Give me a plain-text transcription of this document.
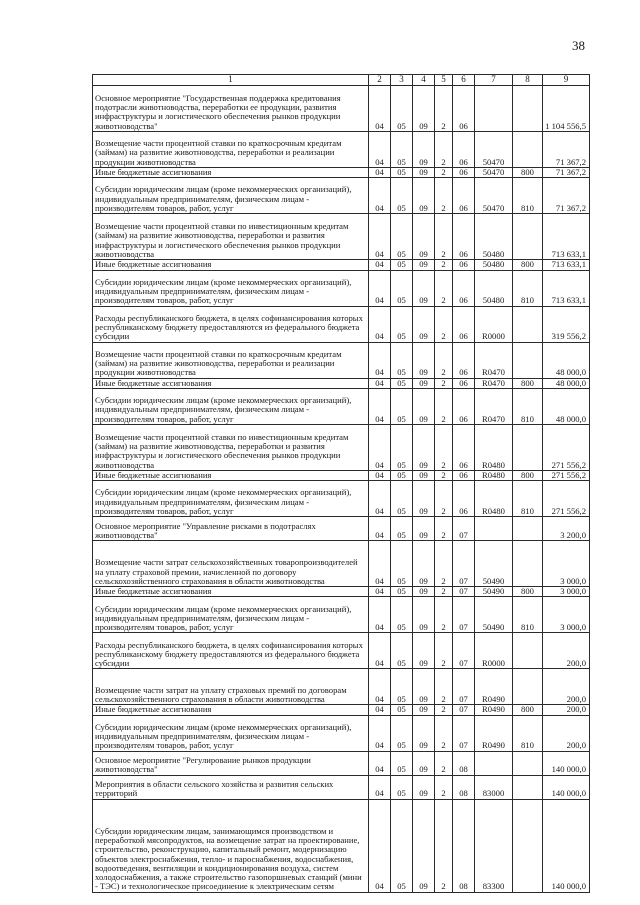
38
1	2	3	4	5	6	7	8	9
Основное мероприятие "Государственная поддержка кредитования подотрасли животноводства, переработки ее продукции, развития инфраструктуры и логистического обеспечения рынков продукции животноводства"	04	05	09	2	06			1 104 556,5
Возмещение части процентной ставки по краткосрочным кредитам (займам) на развитие животноводства, переработки и реализации продукции животноводства	04	05	09	2	06	50470		71 367,2
Иные бюджетные ассигнования	04	05	09	2	06	50470	800	71 367,2
Субсидии юридическим лицам (кроме некоммерческих организаций), индивидуальным предпринимателям, физическим лицам - производителям товаров, работ, услуг	04	05	09	2	06	50470	810	71 367,2
Возмещение части процентной ставки по инвестиционным кредитам (займам) на развитие животноводства, переработки и развития инфраструктуры и логистического обеспечения рынков продукции животноводства	04	05	09	2	06	50480		713 633,1
Иные бюджетные ассигнования	04	05	09	2	06	50480	800	713 633,1
Субсидии юридическим лицам (кроме некоммерческих организаций), индивидуальным предпринимателям, физическим лицам - производителям товаров, работ, услуг	04	05	09	2	06	50480	810	713 633,1
Расходы республиканского бюджета, в целях софинансирования которых республиканскому бюджету предоставляются из федерального бюджета субсидии	04	05	09	2	06	R0000		319 556,2
Возмещение части процентной ставки по краткосрочным кредитам (займам) на развитие животноводства, переработки и реализации продукции животноводства	04	05	09	2	06	R0470		48 000,0
Иные бюджетные ассигнования	04	05	09	2	06	R0470	800	48 000,0
Субсидии юридическим лицам (кроме некоммерческих организаций), индивидуальным предпринимателям, физическим лицам - производителям товаров, работ, услуг	04	05	09	2	06	R0470	810	48 000,0
Возмещение части процентной ставки по инвестиционным кредитам (займам) на развитие животноводства, переработки и развития инфраструктуры и логистического обеспечения рынков продукции животноводства	04	05	09	2	06	R0480		271 556,2
Иные бюджетные ассигнования	04	05	09	2	06	R0480	800	271 556,2
Субсидии юридическим лицам (кроме некоммерческих организаций), индивидуальным предпринимателям, физическим лицам - производителям товаров, работ, услуг	04	05	09	2	06	R0480	810	271 556,2
Основное мероприятие "Управление рисками в подотраслях животноводства"	04	05	09	2	07			3 200,0
Возмещение части затрат сельскохозяйственных товаропроизводителей на уплату страховой премии, начисленной по договору сельскохозяйственного страхования в области животноводства	04	05	09	2	07	50490		3 000,0
Иные бюджетные ассигнования	04	05	09	2	07	50490	800	3 000,0
Субсидии юридическим лицам (кроме некоммерческих организаций), индивидуальным предпринимателям, физическим лицам - производителям товаров, работ, услуг	04	05	09	2	07	50490	810	3 000,0
Расходы республиканского бюджета, в целях софинансирования которых республиканскому бюджету предоставляются из федерального бюджета субсидии	04	05	09	2	07	R0000		200,0
Возмещение части затрат на уплату страховых премий по договорам сельскохозяйственного страхования в области животноводства	04	05	09	2	07	R0490		200,0
Иные бюджетные ассигнования	04	05	09	2	07	R0490	800	200,0
Субсидии юридическим лицам (кроме некоммерческих организаций), индивидуальным предпринимателям, физическим лицам - производителям товаров, работ, услуг	04	05	09	2	07	R0490	810	200,0
Основное мероприятие "Регулирование рынков продукции животноводства"	04	05	09	2	08			140 000,0
Мероприятия в области сельского хозяйства и развития сельских территорий	04	05	09	2	08	83000		140 000,0
Субсидии юридическим лицам, занимающимся производством и переработкой мясопродуктов, на возмещение затрат на проектирование, строительство, реконструкцию, капитальный ремонт, модернизацию объектов электроснабжения, тепло- и пароснабжения, водоснабжения, водоотведения, вентиляции и кондиционирования воздуха, систем холодоснабжения, а также строительство газопоршневых станций (мини - ТЭС) и технологическое присоединение к электрическим сетям	04	05	09	2	08	83300		140 000,0
